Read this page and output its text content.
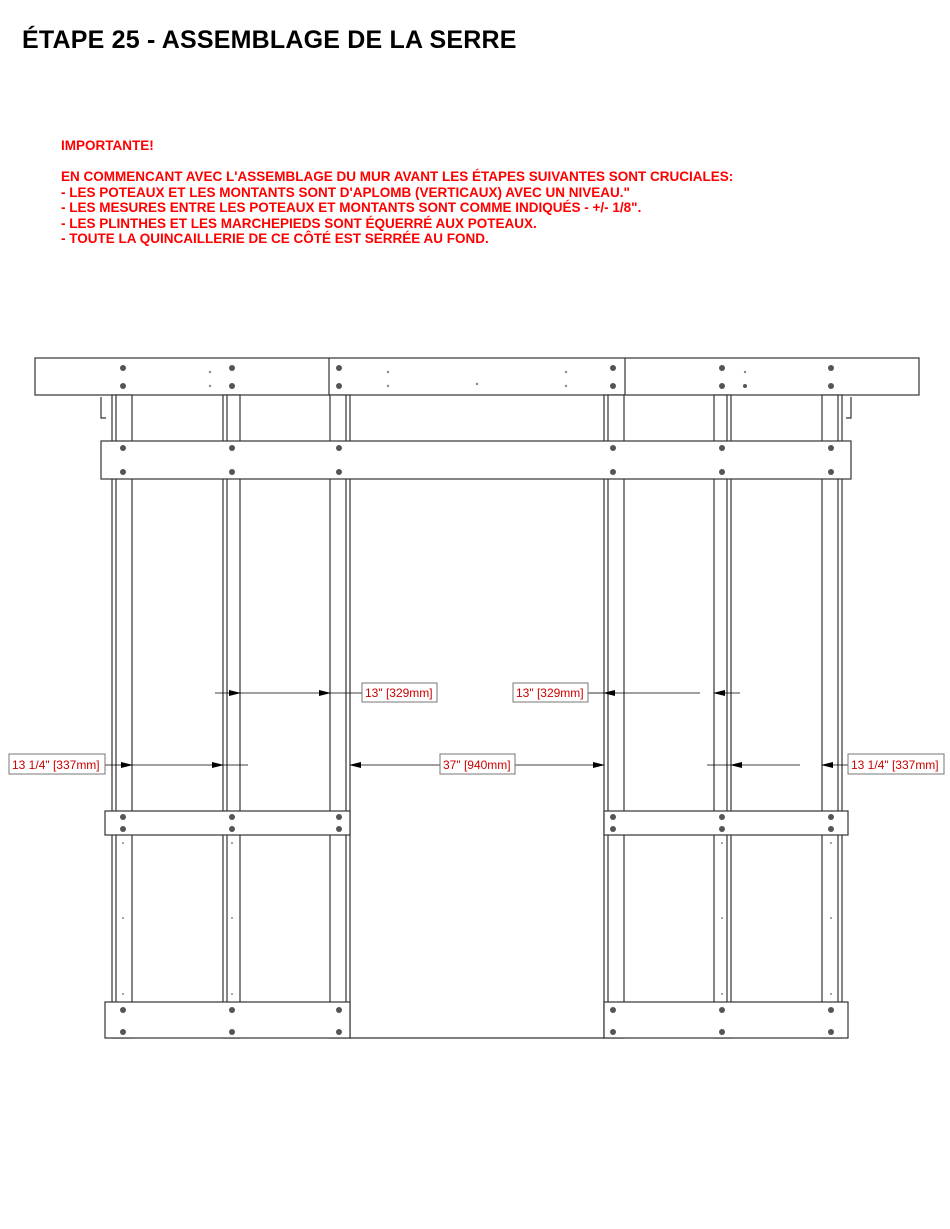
ÉTAPE 25 - ASSEMBLAGE DE LA SERRE
IMPORTANTE!
EN COMMENCANT AVEC L'ASSEMBLAGE DU MUR AVANT LES ÉTAPES SUIVANTES SONT CRUCIALES:
- LES POTEAUX ET LES MONTANTS SONT D'APLOMB (VERTICAUX) AVEC UN NIVEAU."
- LES MESURES ENTRE LES POTEAUX ET MONTANTS SONT COMME INDIQUÉS - +/- 1/8".
- LES PLINTHES ET LES MARCHEPIEDS SONT ÉQUERRÉ AUX POTEAUX.
- TOUTE LA QUINCAILLERIE DE CE CÔTÉ EST SERRÉE AU FOND.
13" [329mm]	13" [329mm]
13 1/4" [337mm]	37" [940mm]	13 1/4" [337mm]
